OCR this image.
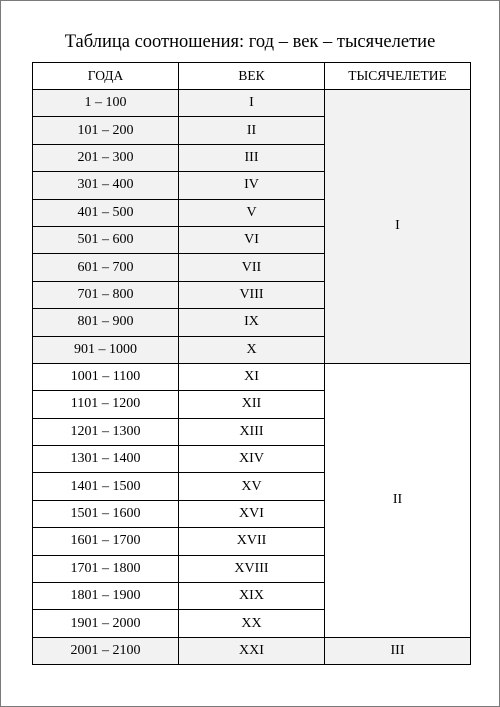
Таблица соотношения: год – век – тысячелетие
ГОДА	ВЕК	ТЫСЯЧЕЛЕТИЕ
1 – 100	I	I
101 – 200	II	
201 – 300	III	
301 – 400	IV	
401 – 500	V	
501 – 600	VI	
601 – 700	VII	
701 – 800	VIII	
801 – 900	IX	
901 – 1000	X	
1001 – 1100	XI	II
1101 – 1200	XII	
1201 – 1300	XIII	
1301 – 1400	XIV	
1401 – 1500	XV	
1501 – 1600	XVI	
1601 – 1700	XVII	
1701 – 1800	XVIII	
1801 – 1900	XIX	
1901 – 2000	XX	
2001 – 2100	XXI	III
